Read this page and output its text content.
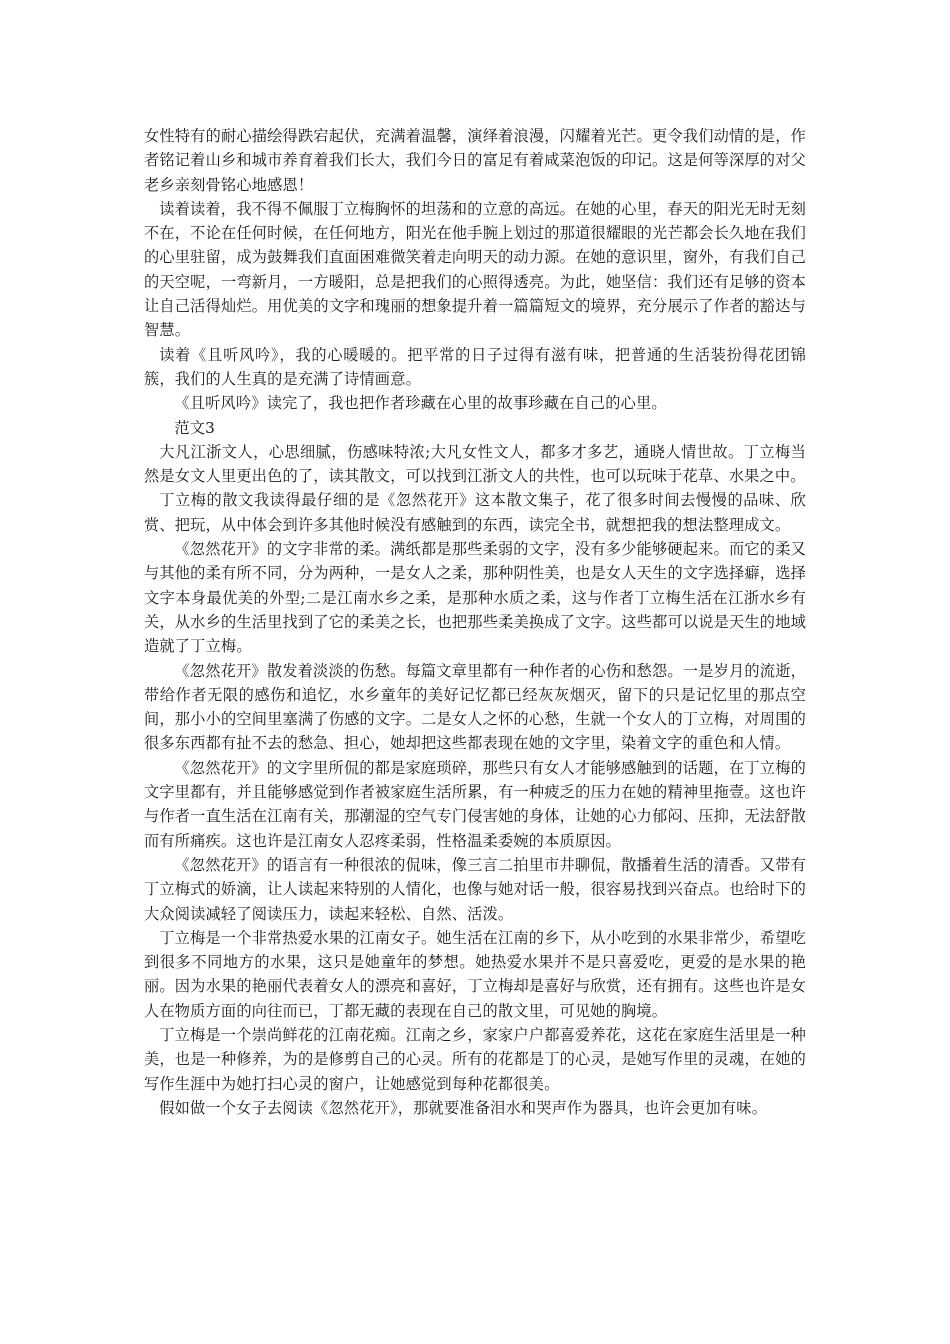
女性特有的耐心描绘得跌宕起伏，充满着温馨，演绎着浪漫，闪耀着光芒。更令我们动情的是，作者铭记着山乡和城市养育着我们长大，我们今日的富足有着咸菜泡饭的印记。这是何等深厚的对父老乡亲刻骨铭心地感恩！

读着读着，我不得不佩服丁立梅胸怀的坦荡和的立意的高远。在她的心里，春天的阳光无时无刻不在，不论在任何时候，在任何地方，阳光在他手腕上划过的那道很耀眼的光芒都会长久地在我们的心里驻留，成为鼓舞我们直面困难微笑着走向明天的动力源。在她的意识里，窗外，有我们自己的天空呢，一弯新月，一方暖阳，总是把我们的心照得透亮。为此，她坚信：我们还有足够的资本让自己活得灿烂。用优美的文字和瑰丽的想象提升着一篇篇短文的境界，充分展示了作者的豁达与智慧。

读着《且听风吟》，我的心暖暖的。把平常的日子过得有滋有味，把普通的生活装扮得花团锦簇，我们的人生真的是充满了诗情画意。

《且听风吟》读完了，我也把作者珍藏在心里的故事珍藏在自己的心里。

范文3

大凡江浙文人，心思细腻，伤感味特浓;大凡女性文人，都多才多艺，通晓人情世故。丁立梅当然是女文人里更出色的了，读其散文，可以找到江浙文人的共性，也可以玩味于花草、水果之中。

丁立梅的散文我读得最仔细的是《忽然花开》这本散文集子，花了很多时间去慢慢的品味、欣赏、把玩，从中体会到许多其他时候没有感触到的东西，读完全书，就想把我的想法整理成文。

《忽然花开》的文字非常的柔。满纸都是那些柔弱的文字，没有多少能够硬起来。而它的柔又与其他的柔有所不同，分为两种，一是女人之柔，那种阴性美，也是女人天生的文字选择癖，选择文字本身最优美的外型;二是江南水乡之柔，是那种水质之柔，这与作者丁立梅生活在江浙水乡有关，从水乡的生活里找到了它的柔美之长，也把那些柔美换成了文字。这些都可以说是天生的地域造就了丁立梅。

《忽然花开》散发着淡淡的伤愁。每篇文章里都有一种作者的心伤和愁怨。一是岁月的流逝，带给作者无限的感伤和追忆，水乡童年的美好记忆都已经灰灰烟灭，留下的只是记忆里的那点空间，那小小的空间里塞满了伤感的文字。二是女人之怀的心愁，生就一个女人的丁立梅，对周围的很多东西都有扯不去的愁急、担心，她却把这些都表现在她的文字里，染着文字的重色和人情。

《忽然花开》的文字里所侃的都是家庭琐碎，那些只有女人才能够感触到的话题，在丁立梅的文字里都有，并且能够感觉到作者被家庭生活所累，有一种疲乏的压力在她的精神里拖壹。这也许与作者一直生活在江南有关，那潮湿的空气专门侵害她的身体，让她的心力郁闷、压抑，无法舒散而有所痛疾。这也许是江南女人忍疼柔弱，性格温柔委婉的本质原因。

《忽然花开》的语言有一种很浓的侃味，像三言二拍里市井聊侃，散播着生活的清香。又带有丁立梅式的娇滴，让人读起来特别的人情化，也像与她对话一般，很容易找到兴奋点。也给时下的大众阅读减轻了阅读压力，读起来轻松、自然、活泼。

丁立梅是一个非常热爱水果的江南女子。她生活在江南的乡下，从小吃到的水果非常少，希望吃到很多不同地方的水果，这只是她童年的梦想。她热爱水果并不是只喜爱吃，更爱的是水果的艳丽。因为水果的艳丽代表着女人的漂亮和喜好，丁立梅却是喜好与欣赏，还有拥有。这些也许是女人在物质方面的向往而已，丁都无藏的表现在自己的散文里，可见她的胸境。

丁立梅是一个崇尚鲜花的江南花痴。江南之乡，家家户户都喜爱养花，这花在家庭生活里是一种美，也是一种修养，为的是修剪自己的心灵。所有的花都是丁的心灵，是她写作里的灵魂，在她的写作生涯中为她打扫心灵的窗户，让她感觉到每种花都很美。

假如做一个女子去阅读《忽然花开》，那就要准备泪水和哭声作为器具，也许会更加有味。
